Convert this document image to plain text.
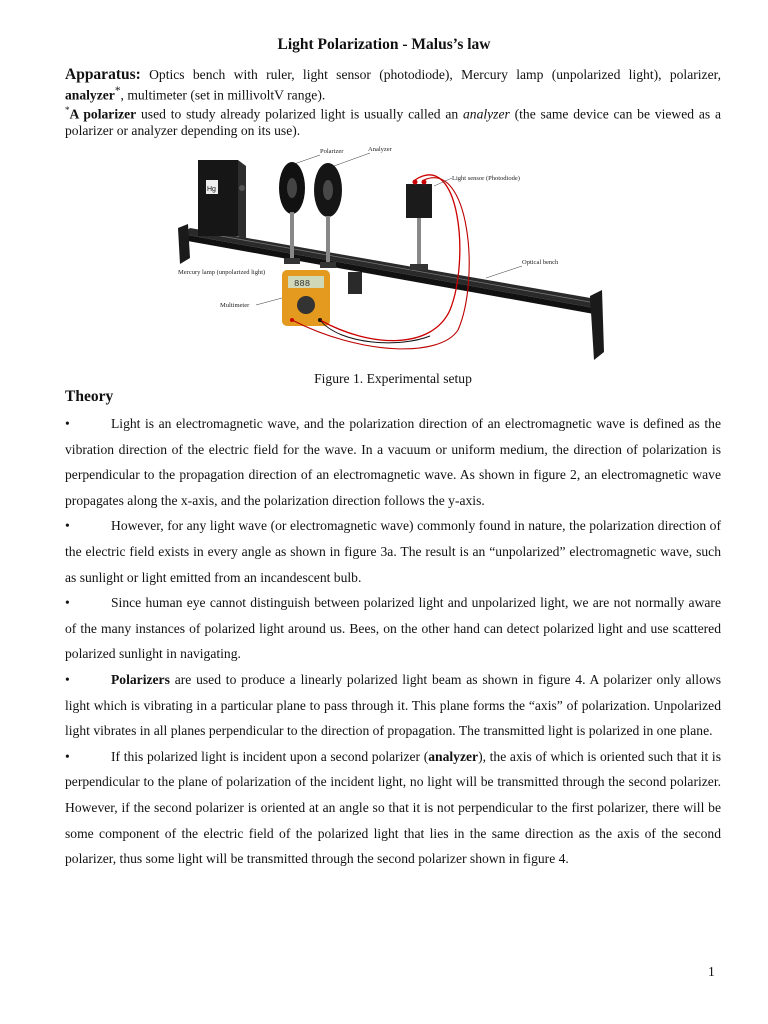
Light Polarization - Malus’s law
Apparatus: Optics bench with ruler, light sensor (photodiode), Mercury lamp (unpolarized light), polarizer, analyzer*, multimeter (set in millivoltV range).
*A polarizer used to study already polarized light is usually called an analyzer (the same device can be viewed as a polarizer or analyzer depending on its use).
Hg
888
Polarizer	Analyzer
Light sensor (Photodiode)
Optical bench
Mercury lamp (unpolarized light)
Multimeter
Figure 1. Experimental setup
Theory

•	Light is an electromagnetic wave, and the polarization direction of an electromagnetic wave is defined as the vibration direction of the electric field for the wave. In a vacuum or uniform medium, the direction of polarization is perpendicular to the propagation direction of an electromagnetic wave. As shown in figure 2, an electromagnetic wave propagates along the x-axis, and the polarization direction follows the y-axis.

•	However, for any light wave (or electromagnetic wave) commonly found in nature, the polarization direction of the electric field exists in every angle as shown in figure 3a. The result is an “unpolarized” electromagnetic wave, such as sunlight or light emitted from an incandescent bulb.

•	Since human eye cannot distinguish between polarized light and unpolarized light, we are not normally aware of the many instances of polarized light around us. Bees, on the other hand can detect polarized light and use scattered polarized sunlight in navigating.

•	Polarizers are used to produce a linearly polarized light beam as shown in figure 4. A polarizer only allows light which is vibrating in a particular plane to pass through it. This plane forms the “axis” of polarization. Unpolarized light vibrates in all planes perpendicular to the direction of propagation. The transmitted light is polarized in one plane.

•	If this polarized light is incident upon a second polarizer (analyzer), the axis of which is oriented such that it is perpendicular to the plane of polarization of the incident light, no light will be transmitted through the second polarizer. However, if the second polarizer is oriented at an angle so that it is not perpendicular to the first polarizer, there will be some component of the electric field of the polarized light that lies in the same direction as the axis of the second polarizer, thus some light will be transmitted through the second polarizer shown in figure 4.

1
